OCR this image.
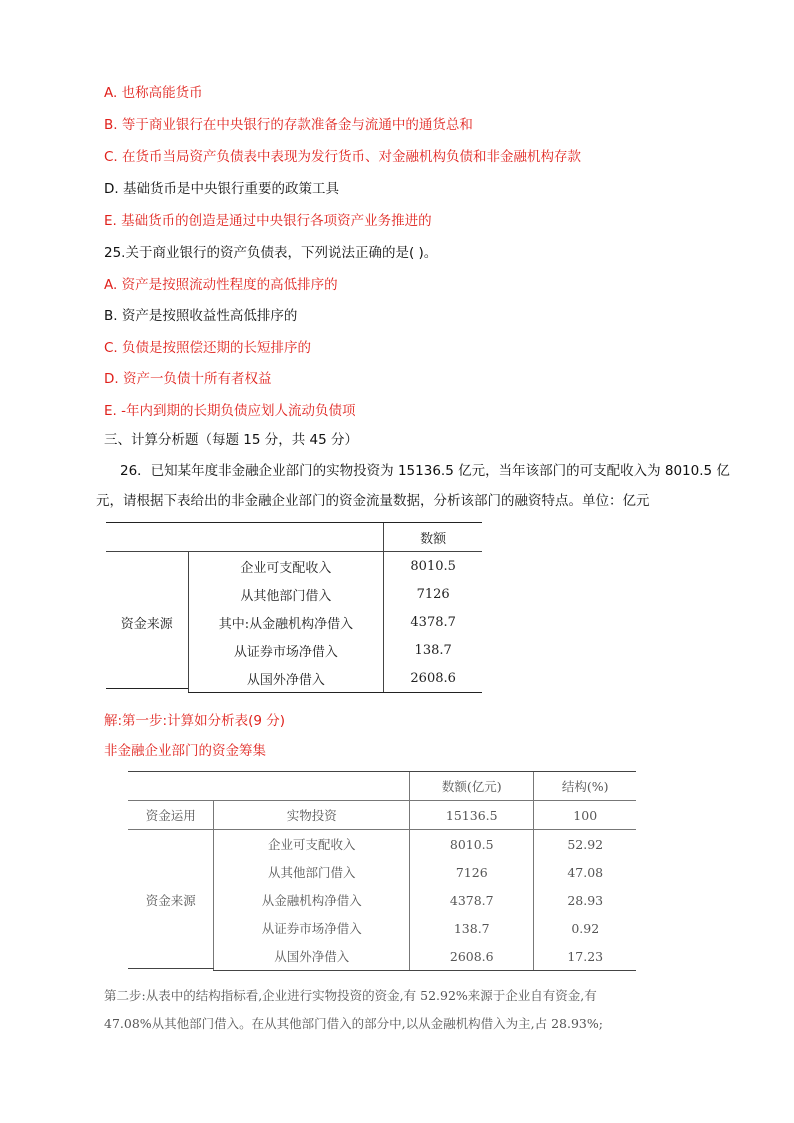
A. 也称高能货币
B. 等于商业银行在中央银行的存款准备金与流通中的通货总和
C. 在货币当局资产负债表中表现为发行货币、对金融机构负债和非金融机构存款
D. 基础货币是中央银行重要的政策工具
E. 基础货币的创造是通过中央银行各项资产业务推进的
25.关于商业银行的资产负债表，下列说法正确的是( )。
A. 资产是按照流动性程度的高低排序的
B. 资产是按照收益性高低排序的
C. 负债是按照偿还期的长短排序的
D. 资产一负债十所有者权益
E. -年内到期的长期负债应划人流动负债项
三、计算分析题（每题 15 分，共 45 分）
26．已知某年度非金融企业部门的实物投资为 15136.5 亿元，当年该部门的可支配收入为 8010.5 亿
元，请根据下表给出的非金融企业部门的资金流量数据，分析该部门的融资特点。单位：亿元
		数额
资金来源	企业可支配收入	8010.5
	从其他部门借入	7126
	其中:从金融机构净借入	4378.7
	从证券市场净借入	138.7
	从国外净借入	2608.6
解:第一步:计算如分析表(9 分)
非金融企业部门的资金筹集
		数额(亿元)	结构(%)
资金运用	实物投资	15136.5	100
资金来源	企业可支配收入	8010.5	52.92
	从其他部门借入	7126	47.08
	从金融机构净借入	4378.7	28.93
	从证券市场净借入	138.7	0.92
	从国外净借入	2608.6	17.23
第二步:从表中的结构指标看,企业进行实物投资的资金,有 52.92%来源于企业自有资金,有
47.08%从其他部门借入。在从其他部门借入的部分中,以从金融机构借入为主,占 28.93%;
